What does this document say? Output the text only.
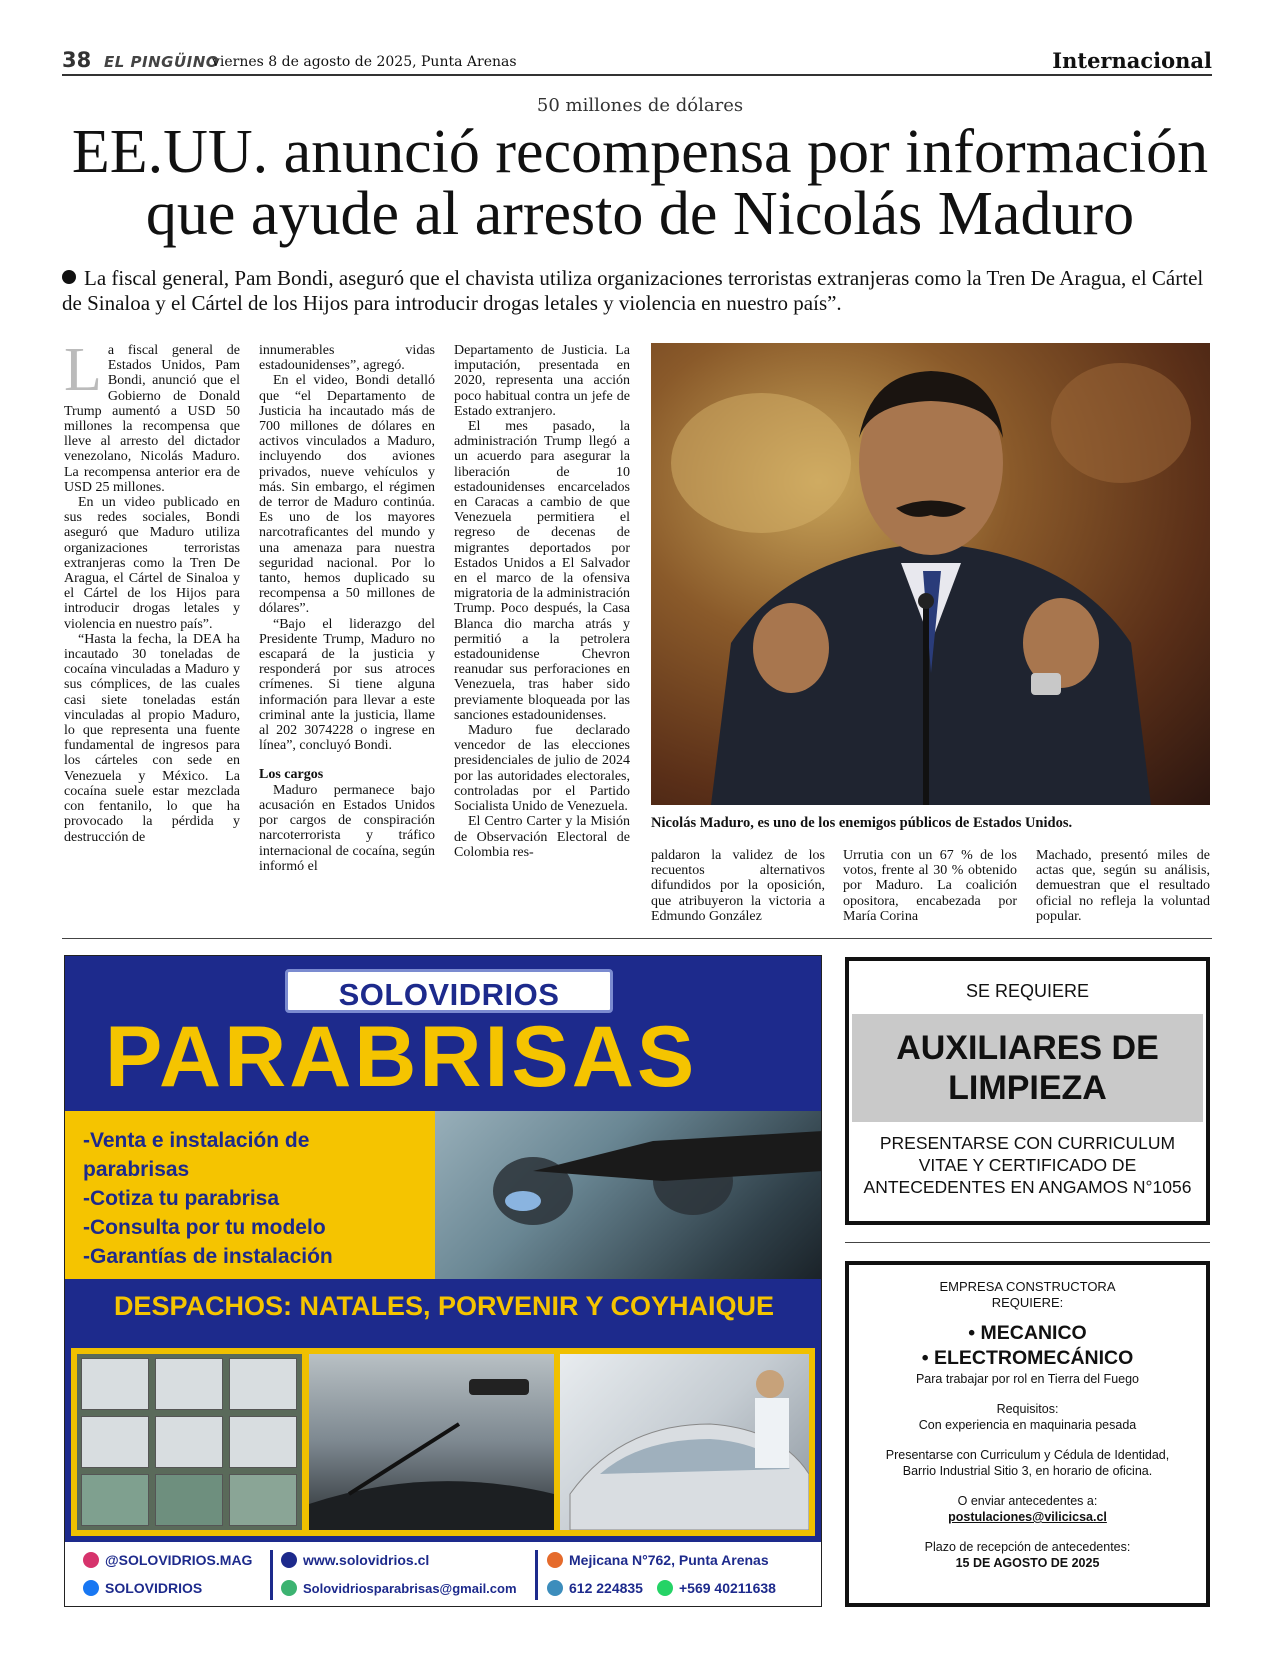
38 EL PINGÜINO
viernes 8 de agosto de 2025, Punta Arenas	Internacional
50 millones de dólares
EE.UU. anunció recompensa por información
que ayude al arresto de Nicolás Maduro
La fiscal general, Pam Bondi, aseguró que el chavista utiliza organizaciones terroristas extranjeras como la Tren De Aragua, el Cártel de Sinaloa y el Cártel de los Hijos para introducir drogas letales y violencia en nuestro país”.
L a fiscal general de Estados Unidos, Pam Bondi, anunció que el Gobierno de Donald Trump aumentó a USD 50 millones la recompensa que lleve al arresto del dictador venezolano, Nicolás Maduro. La recompensa anterior era de USD 25 millones.

En un video publicado en sus redes sociales, Bondi aseguró que Maduro utiliza organizaciones terroristas extranjeras como la Tren De Aragua, el Cártel de Sinaloa y el Cártel de los Hijos para introducir drogas letales y violencia en nuestro país”.

“Hasta la fecha, la DEA ha incautado 30 toneladas de cocaína vinculadas a Maduro y sus cómplices, de las cuales casi siete toneladas están vinculadas al propio Maduro, lo que representa una fuente fundamental de ingresos para los cárteles con sede en Venezuela y México. La cocaína suele estar mezclada con fentanilo, lo que ha provocado la pérdida y destrucción de

innumerables vidas estadounidenses”, agregó.

En el video, Bondi detalló que “el Departamento de Justicia ha incautado más de 700 millones de dólares en activos vinculados a Maduro, incluyendo dos aviones privados, nueve vehículos y más. Sin embargo, el régimen de terror de Maduro continúa. Es uno de los mayores narcotraficantes del mundo y una amenaza para nuestra seguridad nacional. Por lo tanto, hemos duplicado su recompensa a 50 millones de dólares”.

“Bajo el liderazgo del Presidente Trump, Maduro no escapará de la justicia y responderá por sus atroces crímenes. Si tiene alguna información para llevar a este criminal ante la justicia, llame al 202 3074228 o ingrese en línea”, concluyó Bondi.

Los cargos

Maduro permanece bajo acusación en Estados Unidos por cargos de conspiración narcoterrorista y tráfico internacional de cocaína, según informó el

Departamento de Justicia. La imputación, presentada en 2020, representa una acción poco habitual contra un jefe de Estado extranjero.

El mes pasado, la administración Trump llegó a un acuerdo para asegurar la liberación de 10 estadounidenses encarcelados en Caracas a cambio de que Venezuela permitiera el regreso de decenas de migrantes deportados por Estados Unidos a El Salvador en el marco de la ofensiva migratoria de la administración Trump. Poco después, la Casa Blanca dio marcha atrás y permitió a la petrolera estadounidense Chevron reanudar sus perforaciones en Venezuela, tras haber sido previamente bloqueada por las sanciones estadounidenses.

Maduro fue declarado vencedor de las elecciones presidenciales de julio de 2024 por las autoridades electorales, controladas por el Partido Socialista Unido de Venezuela.

El Centro Carter y la Misión de Observación Electoral de Colombia res-

Nicolás Maduro, es uno de los enemigos públicos de Estados Unidos.

paldaron la validez de los recuentos alternativos difundidos por la oposición, que atribuyeron la victoria a Edmundo González

Urrutia con un 67 % de los votos, frente al 30 % obtenido por Maduro. La coalición opositora, encabezada por María Corina

Machado, presentó miles de actas que, según su análisis, demuestran que el resultado oficial no refleja la voluntad popular.

SOLOVIDRIOS
PARABRISAS
-Venta e instalación de
parabrisas
-Cotiza tu parabrisa
-Consulta por tu modelo
-Garantías de instalación
DESPACHOS: NATALES, PORVENIR Y COYHAIQUE
@SOLOVIDRIOS.MAG
SOLOVIDRIOS
www.solovidrios.cl
Solovidriosparabrisas@gmail.com
Mejicana N°762, Punta Arenas
612 224835	+569 40211638
SE REQUIERE
AUXILIARES DE
LIMPIEZA
PRESENTARSE CON CURRICULUM
VITAE Y CERTIFICADO DE
ANTECEDENTES EN ANGAMOS N°1056
EMPRESA CONSTRUCTORA
REQUIERE:
• MECANICO
• ELECTROMECÁNICO
Para trabajar por rol en Tierra del Fuego
Requisitos:
Con experiencia en maquinaria pesada
Presentarse con Curriculum y Cédula de Identidad,
Barrio Industrial Sitio 3, en horario de oficina.
O enviar antecedentes a:
postulaciones@vilicicsa.cl
Plazo de recepción de antecedentes:
15 DE AGOSTO DE 2025
